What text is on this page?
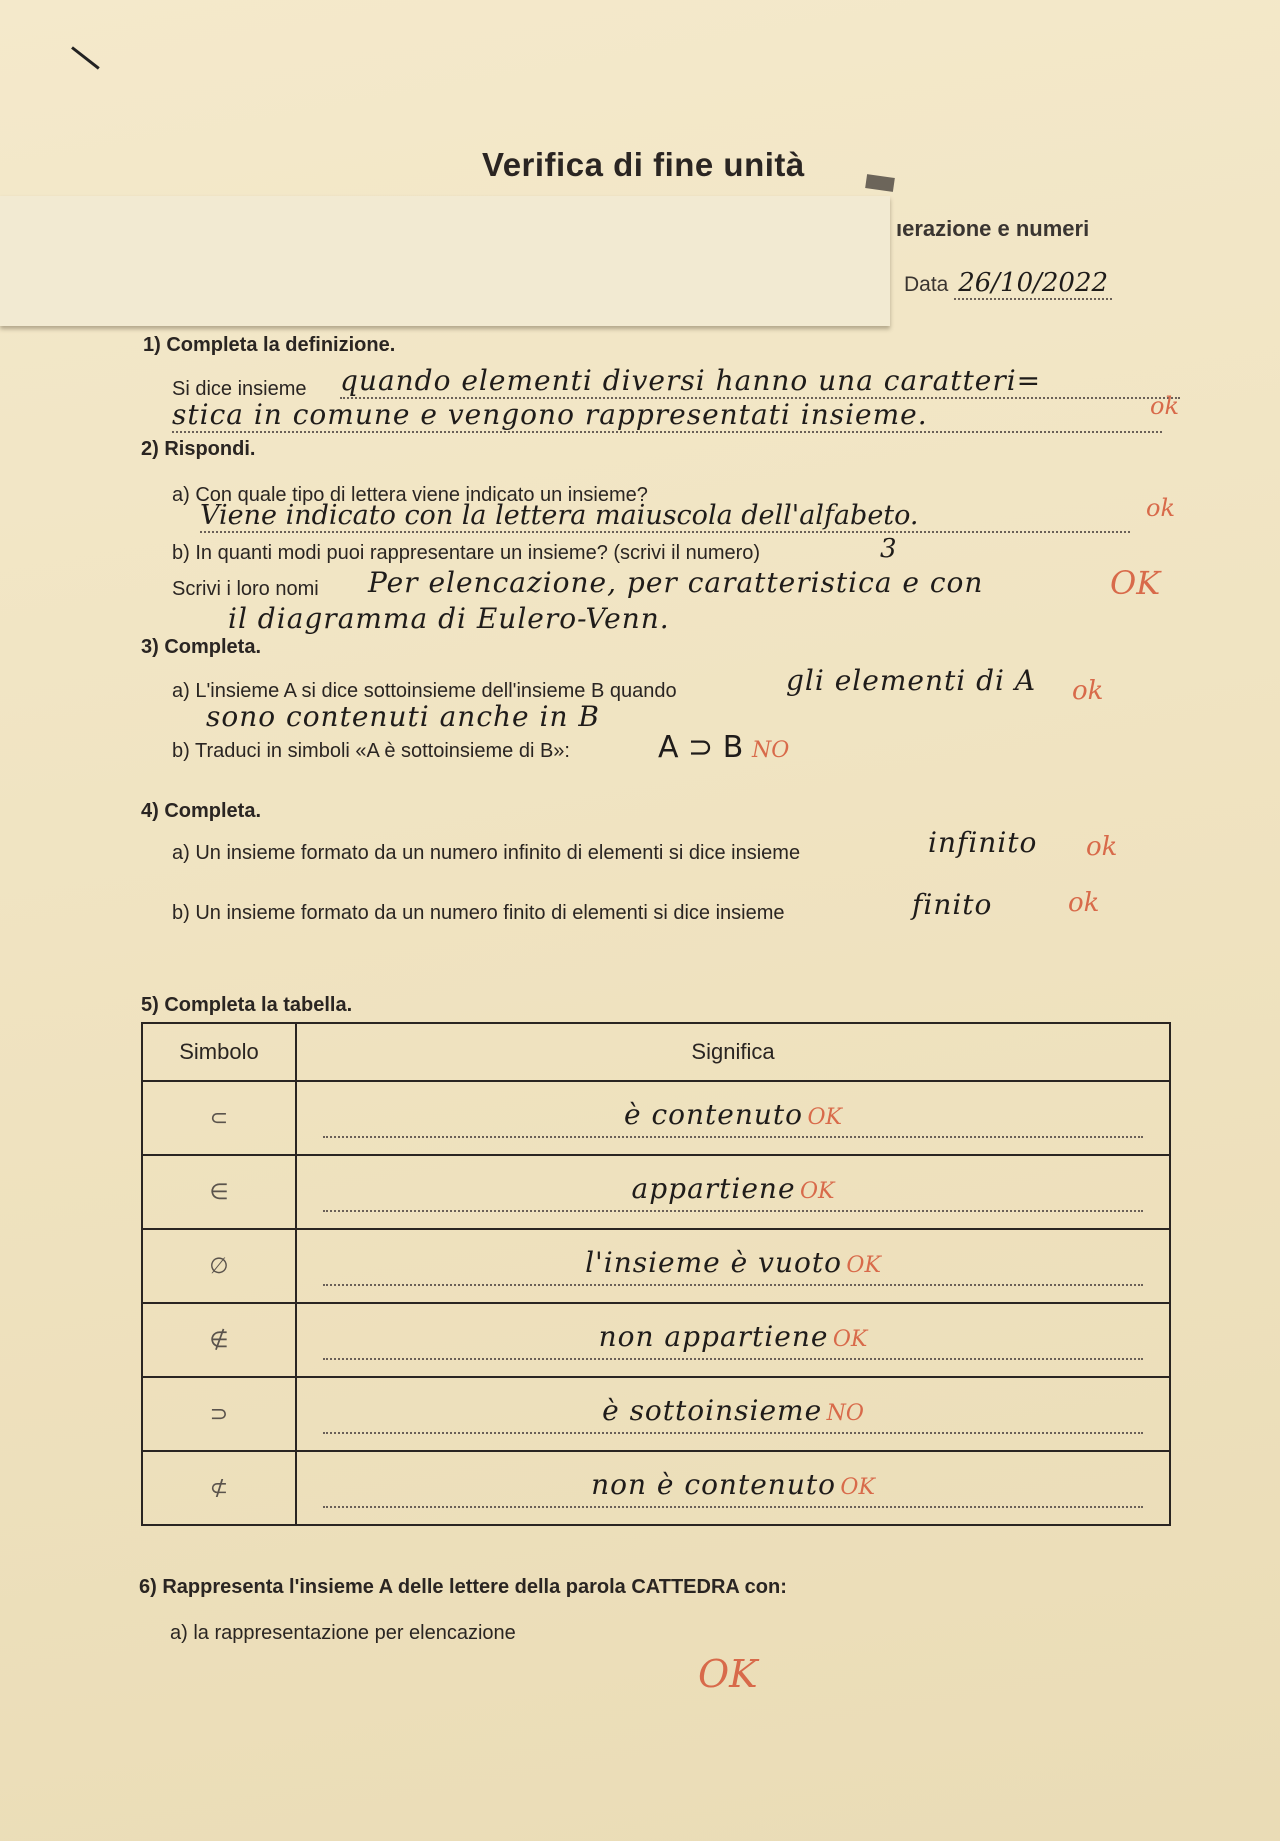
Verifica di fine unità
ıerazione e numeri
Data 26/10/2022
1) Completa la definizione.
Si dice insieme quando elementi diversi hanno una caratteri=
stica in comune e vengono rappresentati insieme.	ok
2) Rispondi.
a) Con quale tipo di lettera viene indicato un insieme?
Viene indicato con la lettera maiuscola dell'alfabeto.	ok
b) In quanti modi puoi rappresentare un insieme? (scrivi il numero)	3
Scrivi i loro nomi Per elencazione, per caratteristica e con
il diagramma di Eulero-Venn.
OK
3) Completa.
a) L'insieme A si dice sottoinsieme dell'insieme B quando	gli elementi di A ok
sono contenuti anche in B
b) Traduci in simboli «A è sottoinsieme di B»:	A ⊃ B NO
4) Completa.
a) Un insieme formato da un numero infinito di elementi si dice insieme	infinito ok
b) Un insieme formato da un numero finito di elementi si dice insieme	finito	ok
5) Completa la tabella.
Simbolo	Significa
⊂	è contenuto OK
∈	appartiene OK
∅	l'insieme è vuoto OK
∉	non appartiene OK
⊃	è sottoinsieme NO
⊄	non è contenuto OK
6) Rappresenta l'insieme A delle lettere della parola CATTEDRA con:
a) la rappresentazione per elencazione
OK
